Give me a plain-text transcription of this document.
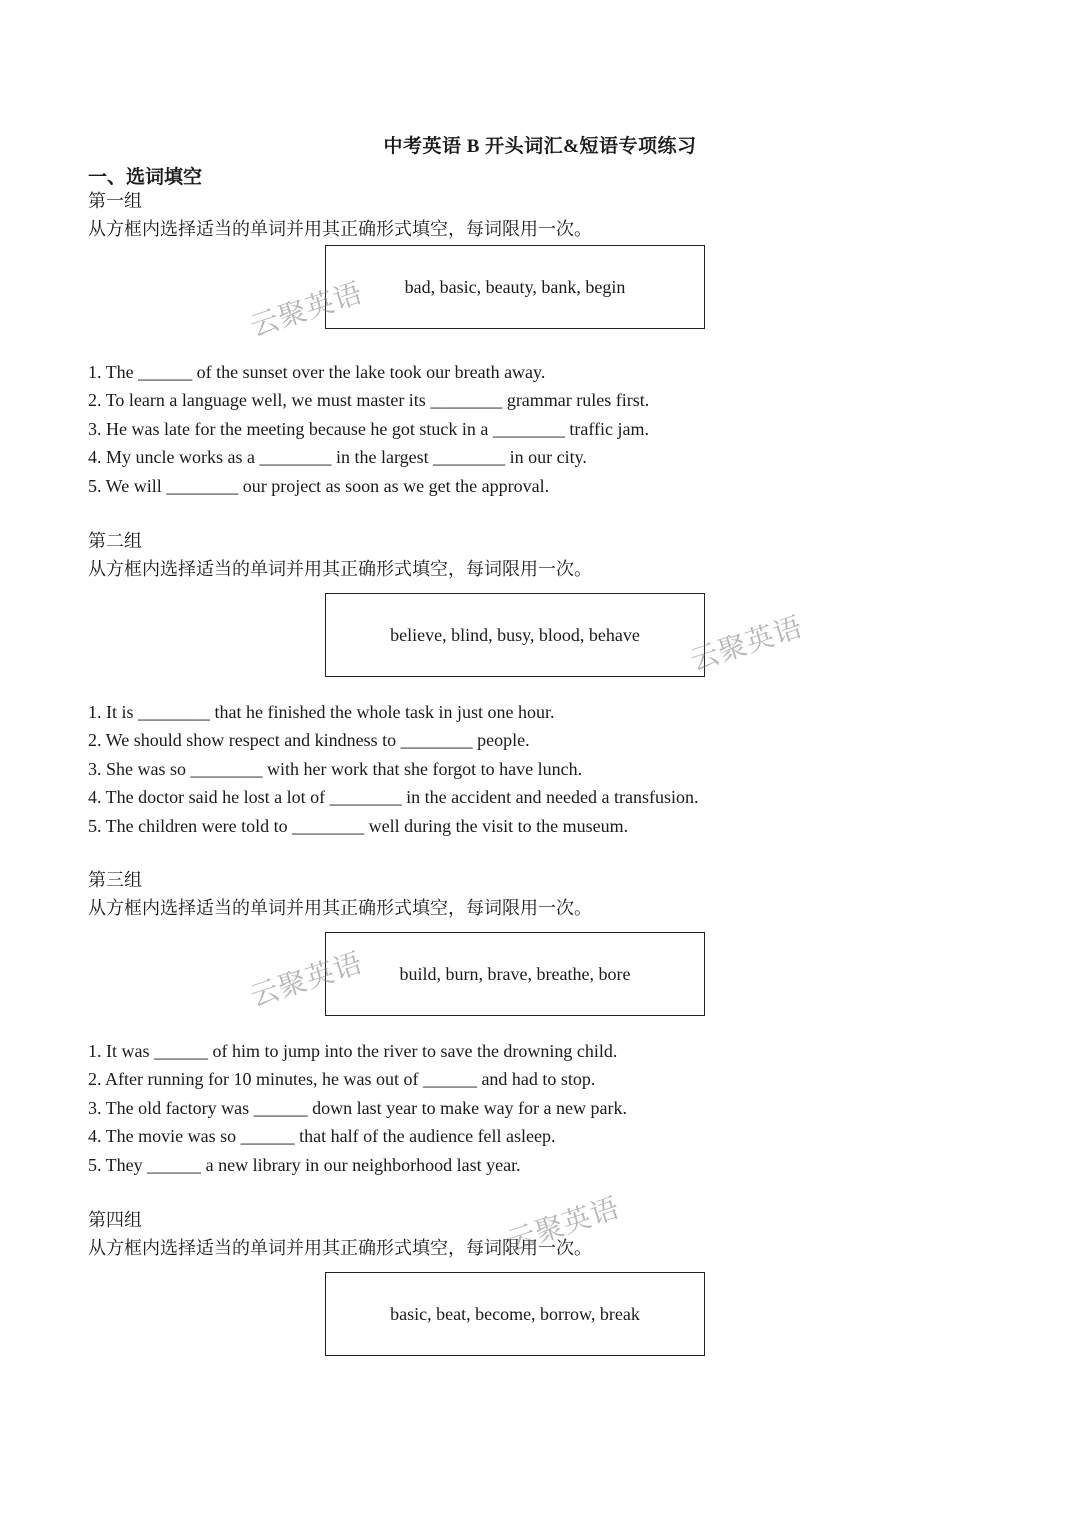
中考英语 B 开头词汇&短语专项练习
一、选词填空
第一组
从方框内选择适当的单词并用其正确形式填空，每词限用一次。
bad, basic, beauty, bank, begin
1. The ______ of the sunset over the lake took our breath away.
2. To learn a language well, we must master its ________ grammar rules first.
3. He was late for the meeting because he got stuck in a ________ traffic jam.
4. My uncle works as a ________ in the largest ________ in our city.
5. We will ________ our project as soon as we get the approval.
第二组
从方框内选择适当的单词并用其正确形式填空，每词限用一次。
believe, blind, busy, blood, behave
1. It is ________ that he finished the whole task in just one hour.
2. We should show respect and kindness to ________ people.
3. She was so ________ with her work that she forgot to have lunch.
4. The doctor said he lost a lot of ________ in the accident and needed a transfusion.
5. The children were told to ________ well during the visit to the museum.
第三组
从方框内选择适当的单词并用其正确形式填空，每词限用一次。
build, burn, brave, breathe, bore
1. It was ______ of him to jump into the river to save the drowning child.
2. After running for 10 minutes, he was out of ______ and had to stop.
3. The old factory was ______ down last year to make way for a new park.
4. The movie was so ______ that half of the audience fell asleep.
5. They ______ a new library in our neighborhood last year.
第四组
从方框内选择适当的单词并用其正确形式填空，每词限用一次。
basic, beat, become, borrow, break
云聚英语
云聚英语
云聚英语
云聚英语
